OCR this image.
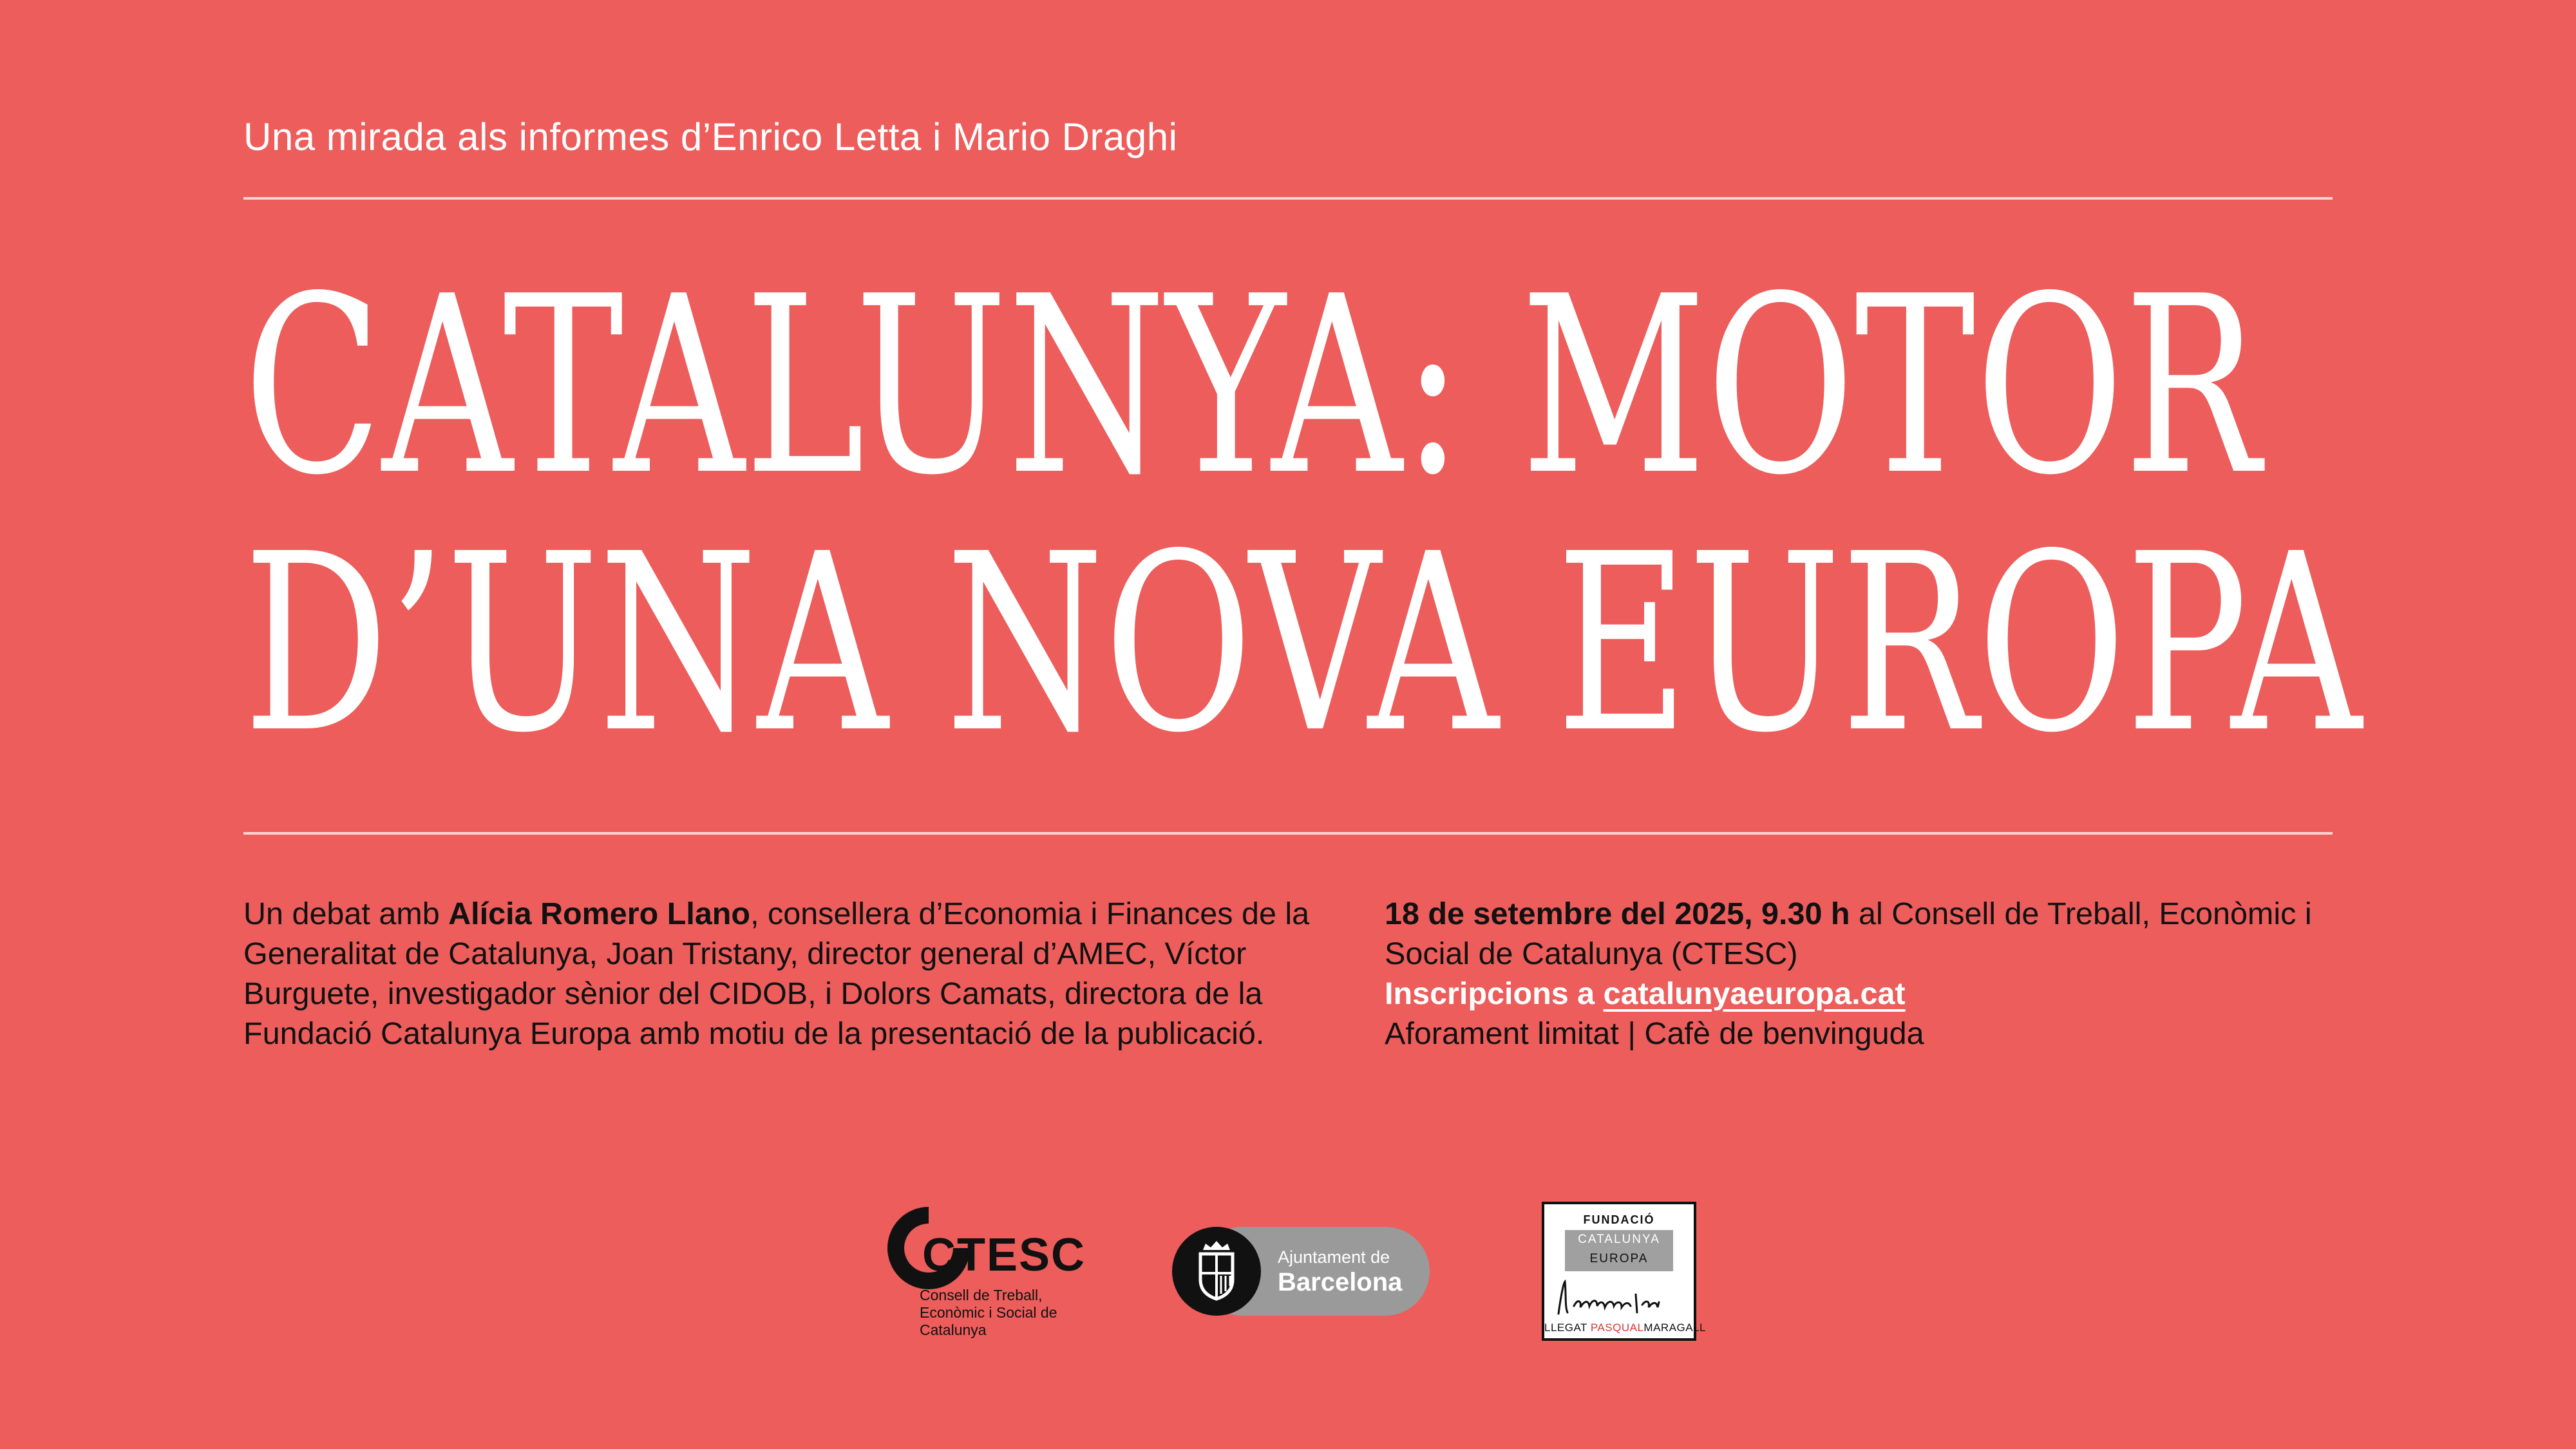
Una mirada als informes d’Enrico Letta i Mario Draghi
CATALUNYA: MOTOR
D’UNA NOVA EUROPA
Un debat amb Alícia Romero Llano, consellera d’Economia i Finances de la Generalitat de Catalunya, Joan Tristany, director general d’AMEC, Víctor Burguete, investigador sènior del CIDOB, i Dolors Camats, directora de la Fundació Catalunya Europa amb motiu de la presentació de la publicació.
18 de setembre del 2025, 9.30 h al Consell de Treball, Econòmic i Social de Catalunya (CTESC)
Inscripcions a catalunyaeuropa.cat
Aforament limitat | Cafè de benvinguda
CTESC
Consell de Treball, Econòmic i Social de Catalunya
Ajuntament de
Barcelona
FUNDACIÓ
CATALUNYA
EUROPA
LLEGAT PASQUALMARAGALL
